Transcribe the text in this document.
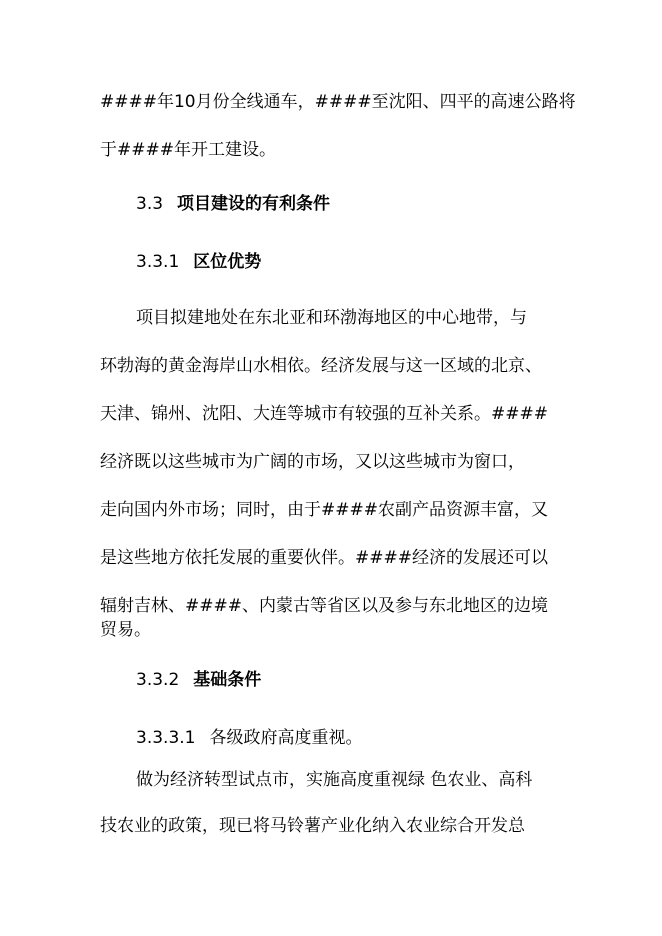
####年10月份全线通车，####至沈阳、四平的高速公路将
于####年开工建设。
3.3 项目建设的有利条件
3.3.1 区位优势
项目拟建地处在东北亚和环渤海地区的中心地带，与
环勃海的黄金海岸山水相依。经济发展与这一区域的北京、
天津、锦州、沈阳、大连等城市有较强的互补关系。####
经济既以这些城市为广阔的市场，又以这些城市为窗口，
走向国内外市场；同时，由于####农副产品资源丰富，又
是这些地方依托发展的重要伙伴。####经济的发展还可以
辐射吉林、####、内蒙古等省区以及参与东北地区的边境
贸易。
3.3.2 基础条件
3.3.3.1 各级政府高度重视。
做为经济转型试点市，实施高度重视绿 色农业、高科
技农业的政策，现已将马铃薯产业化纳入农业综合开发总
